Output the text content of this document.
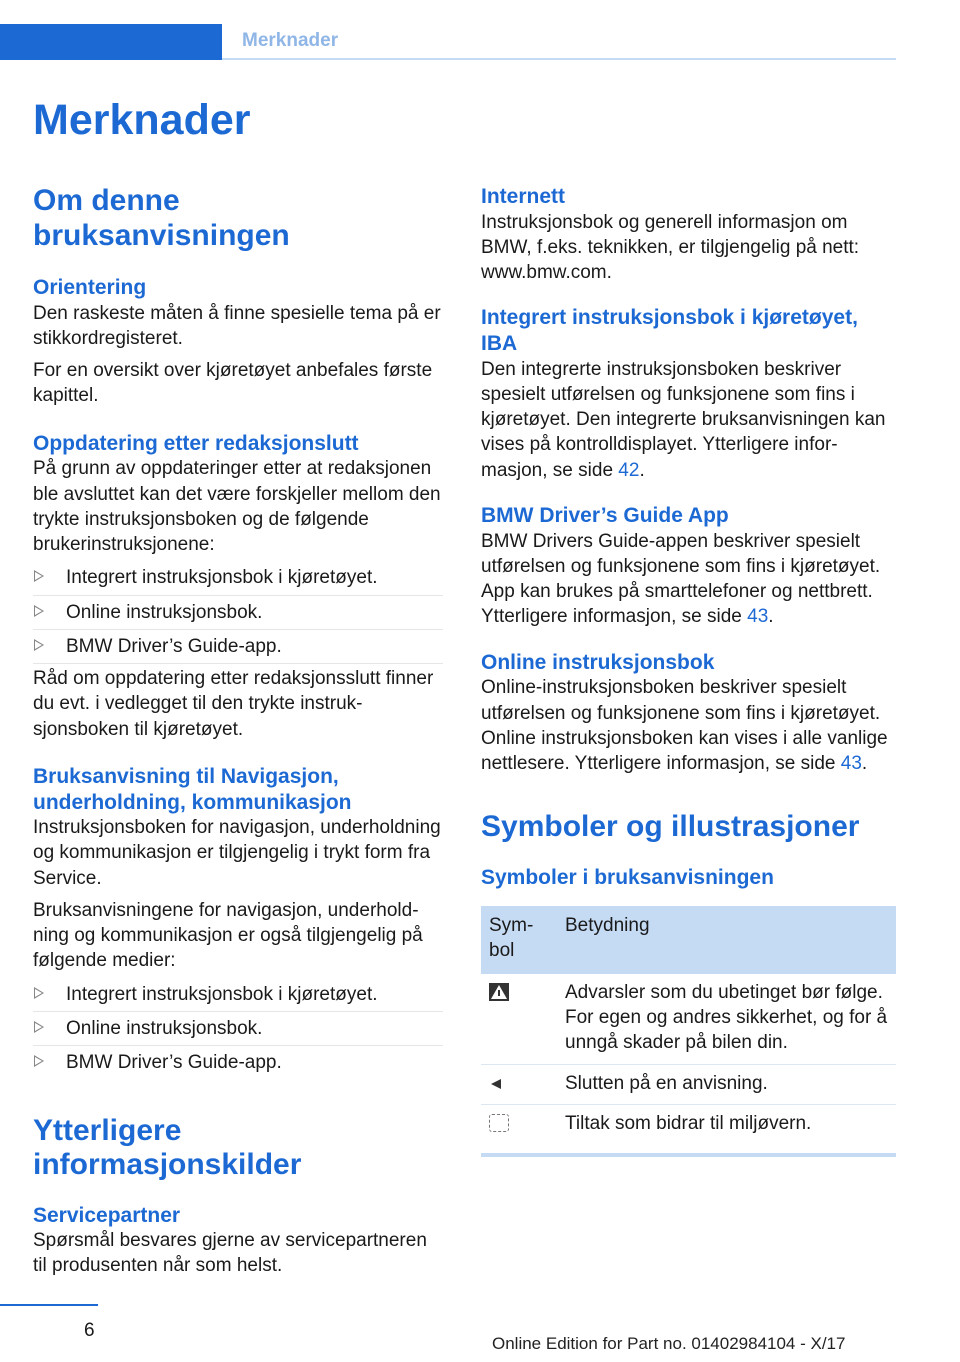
Merknader
Merknader
Om denne bruksanvisningen
Orientering

Den raskeste måten å finne spesielle tema på er stikkordregisteret.

For en oversikt over kjøretøyet anbefales første kapittel.

Oppdatering etter redaksjonslutt

På grunn av oppdateringer etter at redaksjonen ble avsluttet kan det være forskjeller mellom den trykte instruksjonsboken og de følgende brukerinstruksjonene:

Integrert instruksjonsbok i kjøretøyet.
Online instruksjonsbok.
BMW Driver’s Guide-app.

Råd om oppdatering etter redaksjonsslutt finner du evt. i vedlegget til den trykte instruksjonsboken til kjøretøyet.

Bruksanvisning til Navigasjon, underholdning, kommunikasjon

Instruksjonsboken for navigasjon, underholdning og kommunikasjon er tilgjengelig i trykt form fra Service.

Bruksanvisningene for navigasjon, underholdning og kommunikasjon er også tilgjengelig på følgende medier:

Integrert instruksjonsbok i kjøretøyet.
Online instruksjonsbok.
BMW Driver’s Guide-app.
Ytterligere informasjonskilder
Servicepartner

Spørsmål besvares gjerne av servicepartneren til produsenten når som helst.

Internett

Instruksjonsbok og generell informasjon om BMW, f.eks. teknikken, er tilgjengelig på nett: www.bmw.com.

Integrert instruksjonsbok i kjøretøyet, IBA

Den integrerte instruksjonsboken beskriver spesielt utførelsen og funksjonene som fins i kjøretøyet. Den integrerte bruksanvisningen kan vises på kontrolldisplayet. Ytterligere informasjon, se side 42.

BMW Driver’s Guide App

BMW Drivers Guide-appen beskriver spesielt utførelsen og funksjonene som fins i kjøretøyet. App kan brukes på smarttelefoner og nettbrett. Ytterligere informasjon, se side 43.

Online instruksjonsbok

Online-instruksjonsboken beskriver spesielt utførelsen og funksjonene som fins i kjøretøyet. Online instruksjonsboken kan vises i alle vanlige nettlesere. Ytterligere informasjon, se side 43.

Symboler og illustrasjoner
Symboler i bruksanvisningen
Symbol	Betydning
	Advarsler som du ubetinget bør følge. For egen og andres sikkerhet, og for å unngå skader på bilen din.
	Slutten på en anvisning.
	Tiltak som bidrar til miljøvern.
6
Online Edition for Part no. 01402984104 - X/17
